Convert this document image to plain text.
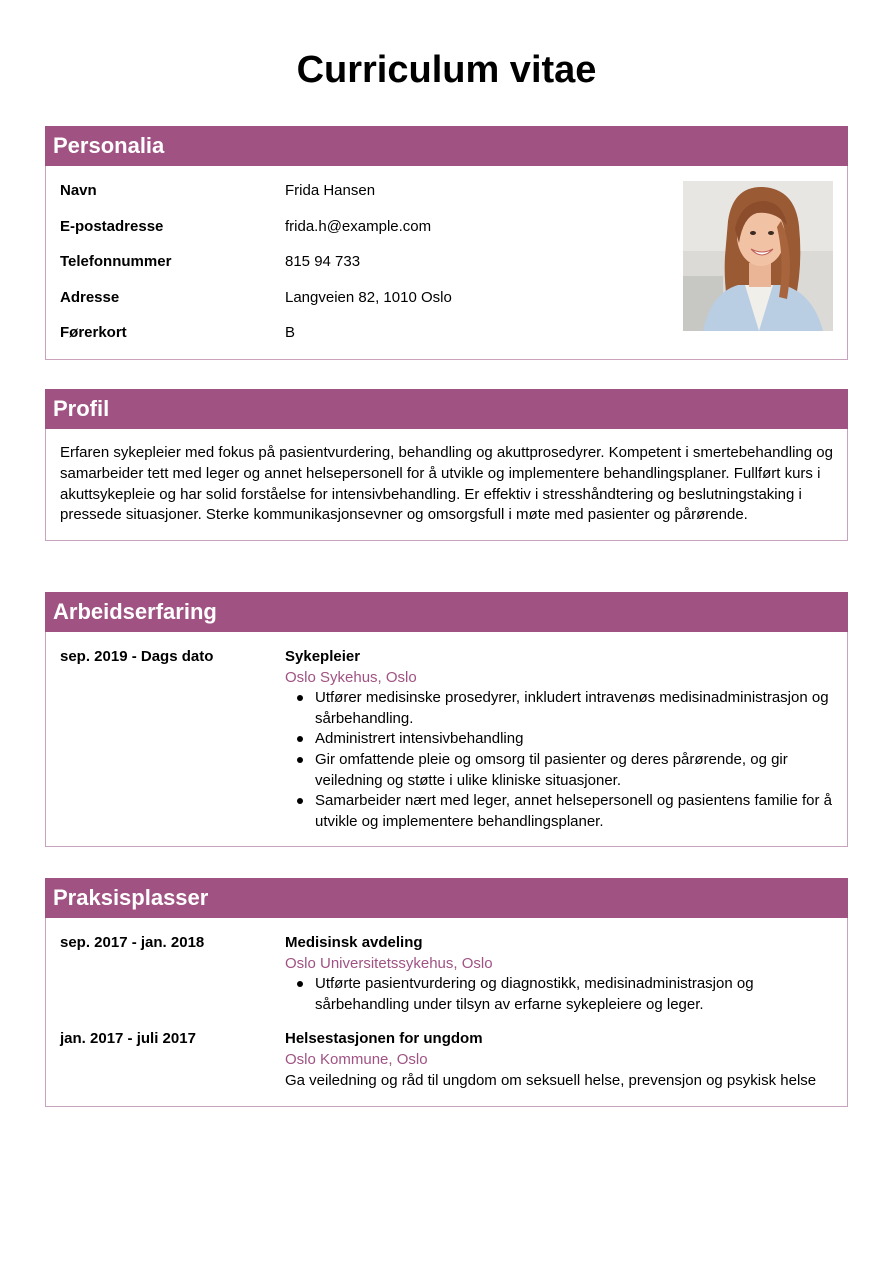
Curriculum vitae
Personalia
Navn	Frida Hansen
E-postadresse	frida.h@example.com
Telefonnummer	815 94 733
Adresse	Langveien 82, 1010 Oslo
Førerkort	B
Profil

Erfaren sykepleier med fokus på pasientvurdering, behandling og akuttprosedyrer. Kompetent i smertebehandling og samarbeider tett med leger og annet helsepersonell for å utvikle og implementere behandlingsplaner. Fullført kurs i akuttsykepleie og har solid forståelse for intensivbehandling. Er effektiv i stresshåndtering og beslutningstaking i pressede situasjoner. Sterke kommunikasjonsevner og omsorgsfull i møte med pasienter og pårørende.

Arbeidserfaring
sep. 2019 - Dags dato	Sykepleier
Oslo Sykehus, Oslo
Utfører medisinske prosedyrer, inkludert intravenøs medisinadministrasjon og sårbehandling.
Administrert intensivbehandling
Gir omfattende pleie og omsorg til pasienter og deres pårørende, og gir veiledning og støtte i ulike kliniske situasjoner.
Samarbeider nært med leger, annet helsepersonell og pasientens familie for å utvikle og implementere behandlingsplaner.
Praksisplasser
sep. 2017 - jan. 2018	Medisinsk avdeling
Oslo Universitetssykehus, Oslo
Utførte pasientvurdering og diagnostikk, medisinadministrasjon og sårbehandling under tilsyn av erfarne sykepleiere og leger.
jan. 2017 - juli 2017	Helsestasjonen for ungdom
Oslo Kommune, Oslo
Ga veiledning og råd til ungdom om seksuell helse, prevensjon og psykisk helse
